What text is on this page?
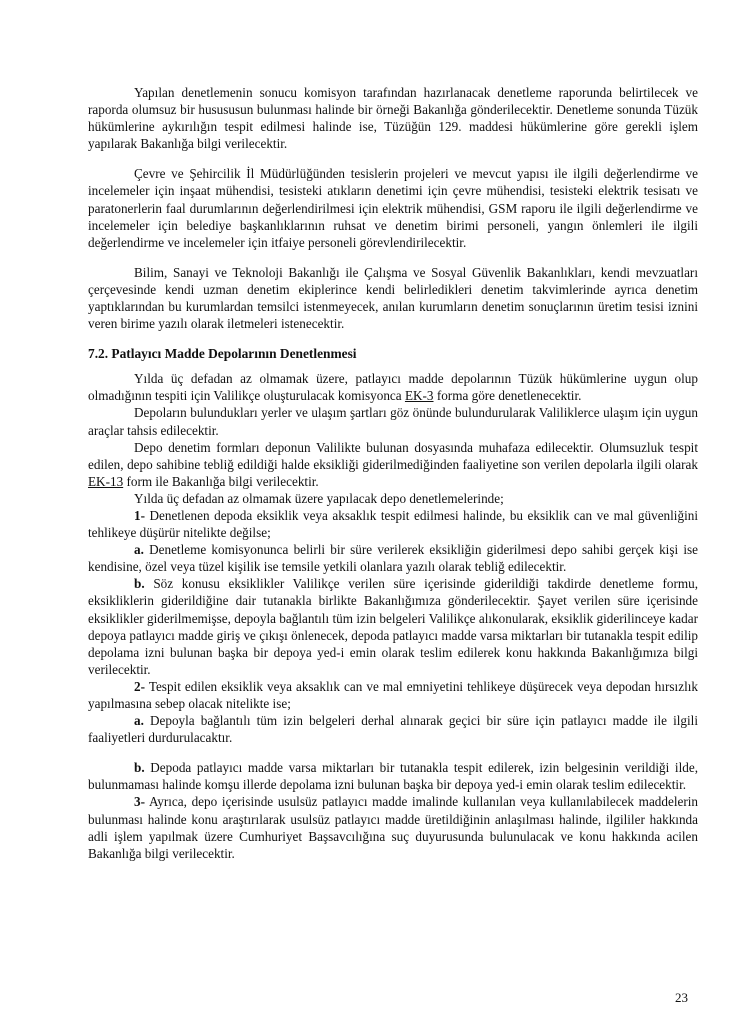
Yapılan denetlemenin sonucu komisyon tarafından hazırlanacak denetleme raporunda belirtilecek ve raporda olumsuz bir husususun bulunması halinde bir örneği Bakanlığa gönderilecektir. Denetleme sonunda Tüzük hükümlerine aykırılığın tespit edilmesi halinde ise, Tüzüğün 129. maddesi hükümlerine göre gerekli işlem yapılarak Bakanlığa bilgi verilecektir.

Çevre ve Şehircilik İl Müdürlüğünden tesislerin projeleri ve mevcut yapısı ile ilgili değerlendirme ve incelemeler için inşaat mühendisi, tesisteki atıkların denetimi için çevre mühendisi, tesisteki elektrik tesisatı ve paratonerlerin faal durumlarının değerlendirilmesi için elektrik mühendisi, GSM raporu ile ilgili değerlendirme ve incelemeler için belediye başkanlıklarının ruhsat ve denetim birimi personeli, yangın önlemleri ile ilgili değerlendirme ve incelemeler için itfaiye personeli görevlendirilecektir.

Bilim, Sanayi ve Teknoloji Bakanlığı ile Çalışma ve Sosyal Güvenlik Bakanlıkları, kendi mevzuatları çerçevesinde kendi uzman denetim ekiplerince kendi belirledikleri denetim takvimlerinde ayrıca denetim yaptıklarından bu kurumlardan temsilci istenmeyecek, anılan kurumların denetim sonuçlarının üretim tesisi iznini veren birime yazılı olarak iletmeleri istenecektir.

7.2. Patlayıcı Madde Depolarının Denetlenmesi

Yılda üç defadan az olmamak üzere, patlayıcı madde depolarının Tüzük hükümlerine uygun olup olmadığının tespiti için Valilikçe oluşturulacak komisyonca EK-3 forma göre denetlenecektir.

Depoların bulundukları yerler ve ulaşım şartları göz önünde bulundurularak Valiliklerce ulaşım için uygun araçlar tahsis edilecektir.

Depo denetim formları deponun Valilikte bulunan dosyasında muhafaza edilecektir. Olumsuzluk tespit edilen, depo sahibine tebliğ edildiği halde eksikliği giderilmediğinden faaliyetine son verilen depolarla ilgili olarak EK-13 form ile Bakanlığa bilgi verilecektir.

Yılda üç defadan az olmamak üzere yapılacak depo denetlemelerinde;

1- Denetlenen depoda eksiklik veya aksaklık tespit edilmesi halinde, bu eksiklik can ve mal güvenliğini tehlikeye düşürür nitelikte değilse;

a. Denetleme komisyonunca belirli bir süre verilerek eksikliğin giderilmesi depo sahibi gerçek kişi ise kendisine, özel veya tüzel kişilik ise temsile yetkili olanlara yazılı olarak tebliğ edilecektir.

b. Söz konusu eksiklikler Valilikçe verilen süre içerisinde giderildiği takdirde denetleme formu, eksikliklerin giderildiğine dair tutanakla birlikte Bakanlığımıza gönderilecektir. Şayet verilen süre içerisinde eksiklikler giderilmemişse, depoyla bağlantılı tüm izin belgeleri Valilikçe alıkonularak, eksiklik giderilinceye kadar depoya patlayıcı madde giriş ve çıkışı önlenecek, depoda patlayıcı madde varsa miktarları bir tutanakla tespit edilip depolama izni bulunan başka bir depoya yed-i emin olarak teslim edilerek konu hakkında Bakanlığımıza bilgi verilecektir.

2- Tespit edilen eksiklik veya aksaklık can ve mal emniyetini tehlikeye düşürecek veya depodan hırsızlık yapılmasına sebep olacak nitelikte ise;

a. Depoyla bağlantılı tüm izin belgeleri derhal alınarak geçici bir süre için patlayıcı madde ile ilgili faaliyetleri durdurulacaktır.

b. Depoda patlayıcı madde varsa miktarları bir tutanakla tespit edilerek, izin belgesinin verildiği ilde, bulunmaması halinde komşu illerde depolama izni bulunan başka bir depoya yed-i emin olarak teslim edilecektir.

3- Ayrıca, depo içerisinde usulsüz patlayıcı madde imalinde kullanılan veya kullanılabilecek maddelerin bulunması halinde konu araştırılarak usulsüz patlayıcı madde üretildiğinin anlaşılması halinde, ilgililer hakkında adli işlem yapılmak üzere Cumhuriyet Başsavcılığına suç duyurusunda bulunulacak ve konu hakkında acilen Bakanlığa bilgi verilecektir.

23
